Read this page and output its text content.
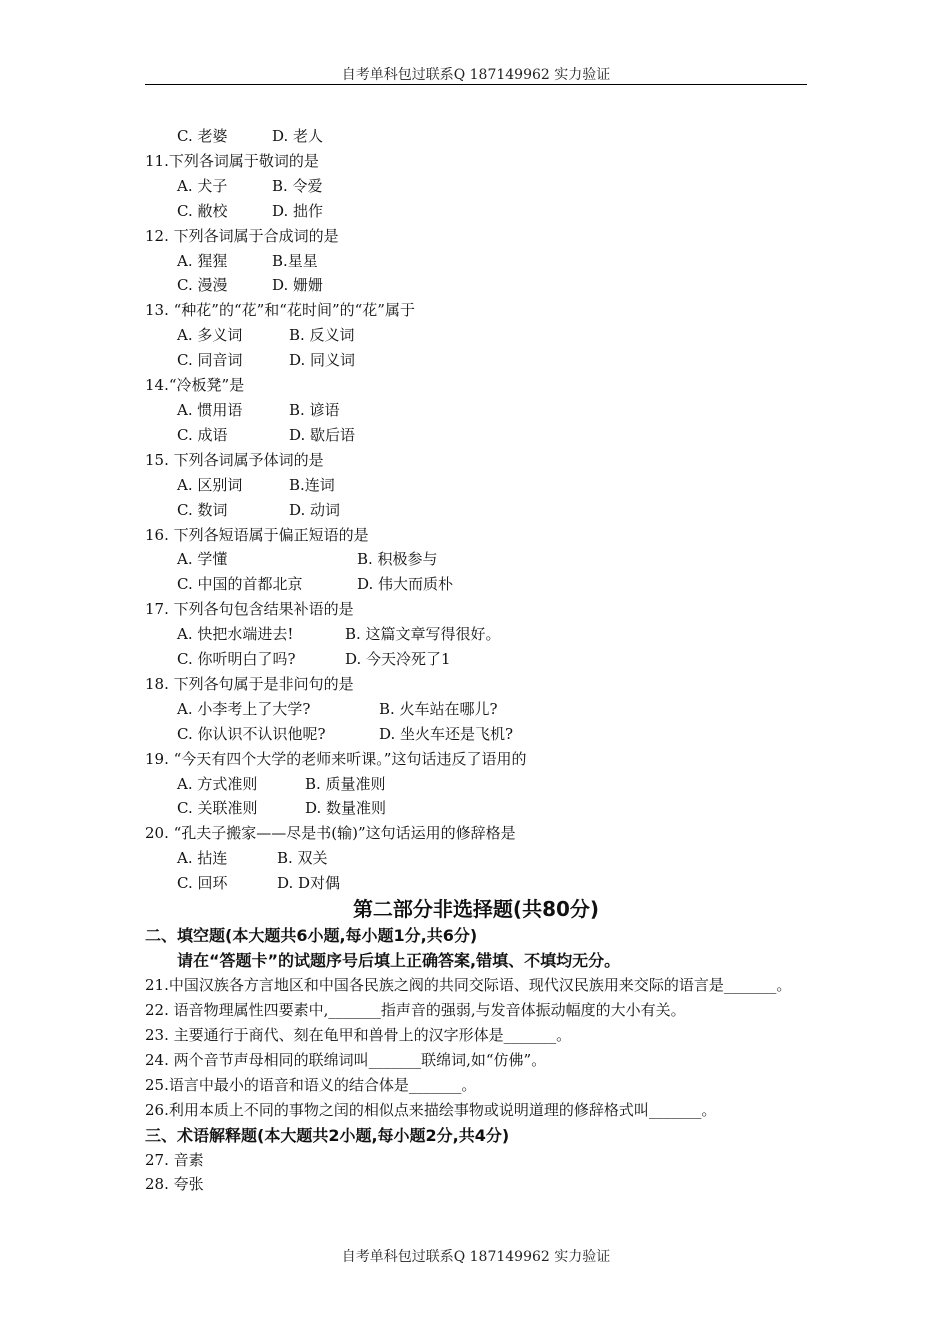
自考单科包过联系Q 187149962 实力验证
C. 老婆	D. 老人
11.下列各词属于敬词的是
A. 犬子	B. 令爱
C. 敝校	D. 拙作
12. 下列各词属于合成词的是
A. 猩猩	B.星星
C. 漫漫	D. 姗姗
13. “种花”的“花”和“花时间”的“花”属于
A. 多义词	B. 反义词
C. 同音词	D. 同义词
14.“冷板凳”是
A. 惯用语	B. 谚语
C. 成语	D. 歇后语
15. 下列各词属予体词的是
A. 区别词	B.连词
C. 数词	D. 动词
16. 下列各短语属于偏正短语的是
A. 学懂	B. 积极参与
C. 中国的首都北京	D. 伟大而质朴
17. 下列各句包含结果补语的是
A. 快把水端进去!	B. 这篇文章写得很好。
C. 你听明白了吗?	D. 今天冷死了1
18. 下列各句属于是非问句的是
A. 小李考上了大学?	B. 火车站在哪儿?
C. 你认识不认识他呢?	D. 坐火车还是飞机?
19. “今天有四个大学的老师来听课。”这句话违反了语用的
A. 方式准则	B. 质量准则
C. 关联准则	D. 数量准则
20. “孔夫子搬家——尽是书(输)”这句话运用的修辞格是
A. 拈连	B. 双关
C. 回环	D. D对偶
第二部分非选择题(共80分)
二、填空题(本大题共6小题,每小题1分,共6分)
请在“答题卡”的试题序号后填上正确答案,错填、不填均无分。
21.中国汉族各方言地区和中国各民族之阀的共同交际语、现代汉民族用来交际的语言是_______。
22. 语音物理属性四要素中,_______指声音的强弱,与发音体振动幅度的大小有关。
23. 主要通行于商代、刻在龟甲和兽骨上的汉字形体是_______。
24. 两个音节声母相同的联绵词叫_______联绵词,如“仿佛”。
25.语言中最小的语音和语义的结合体是_______。
26.利用本质上不同的事物之闰的相似点来描绘事物或说明道理的修辞格式叫_______。
三、术语解释题(本大题共2小题,每小题2分,共4分)
27. 音素
28. 夸张
自考单科包过联系Q 187149962 实力验证
